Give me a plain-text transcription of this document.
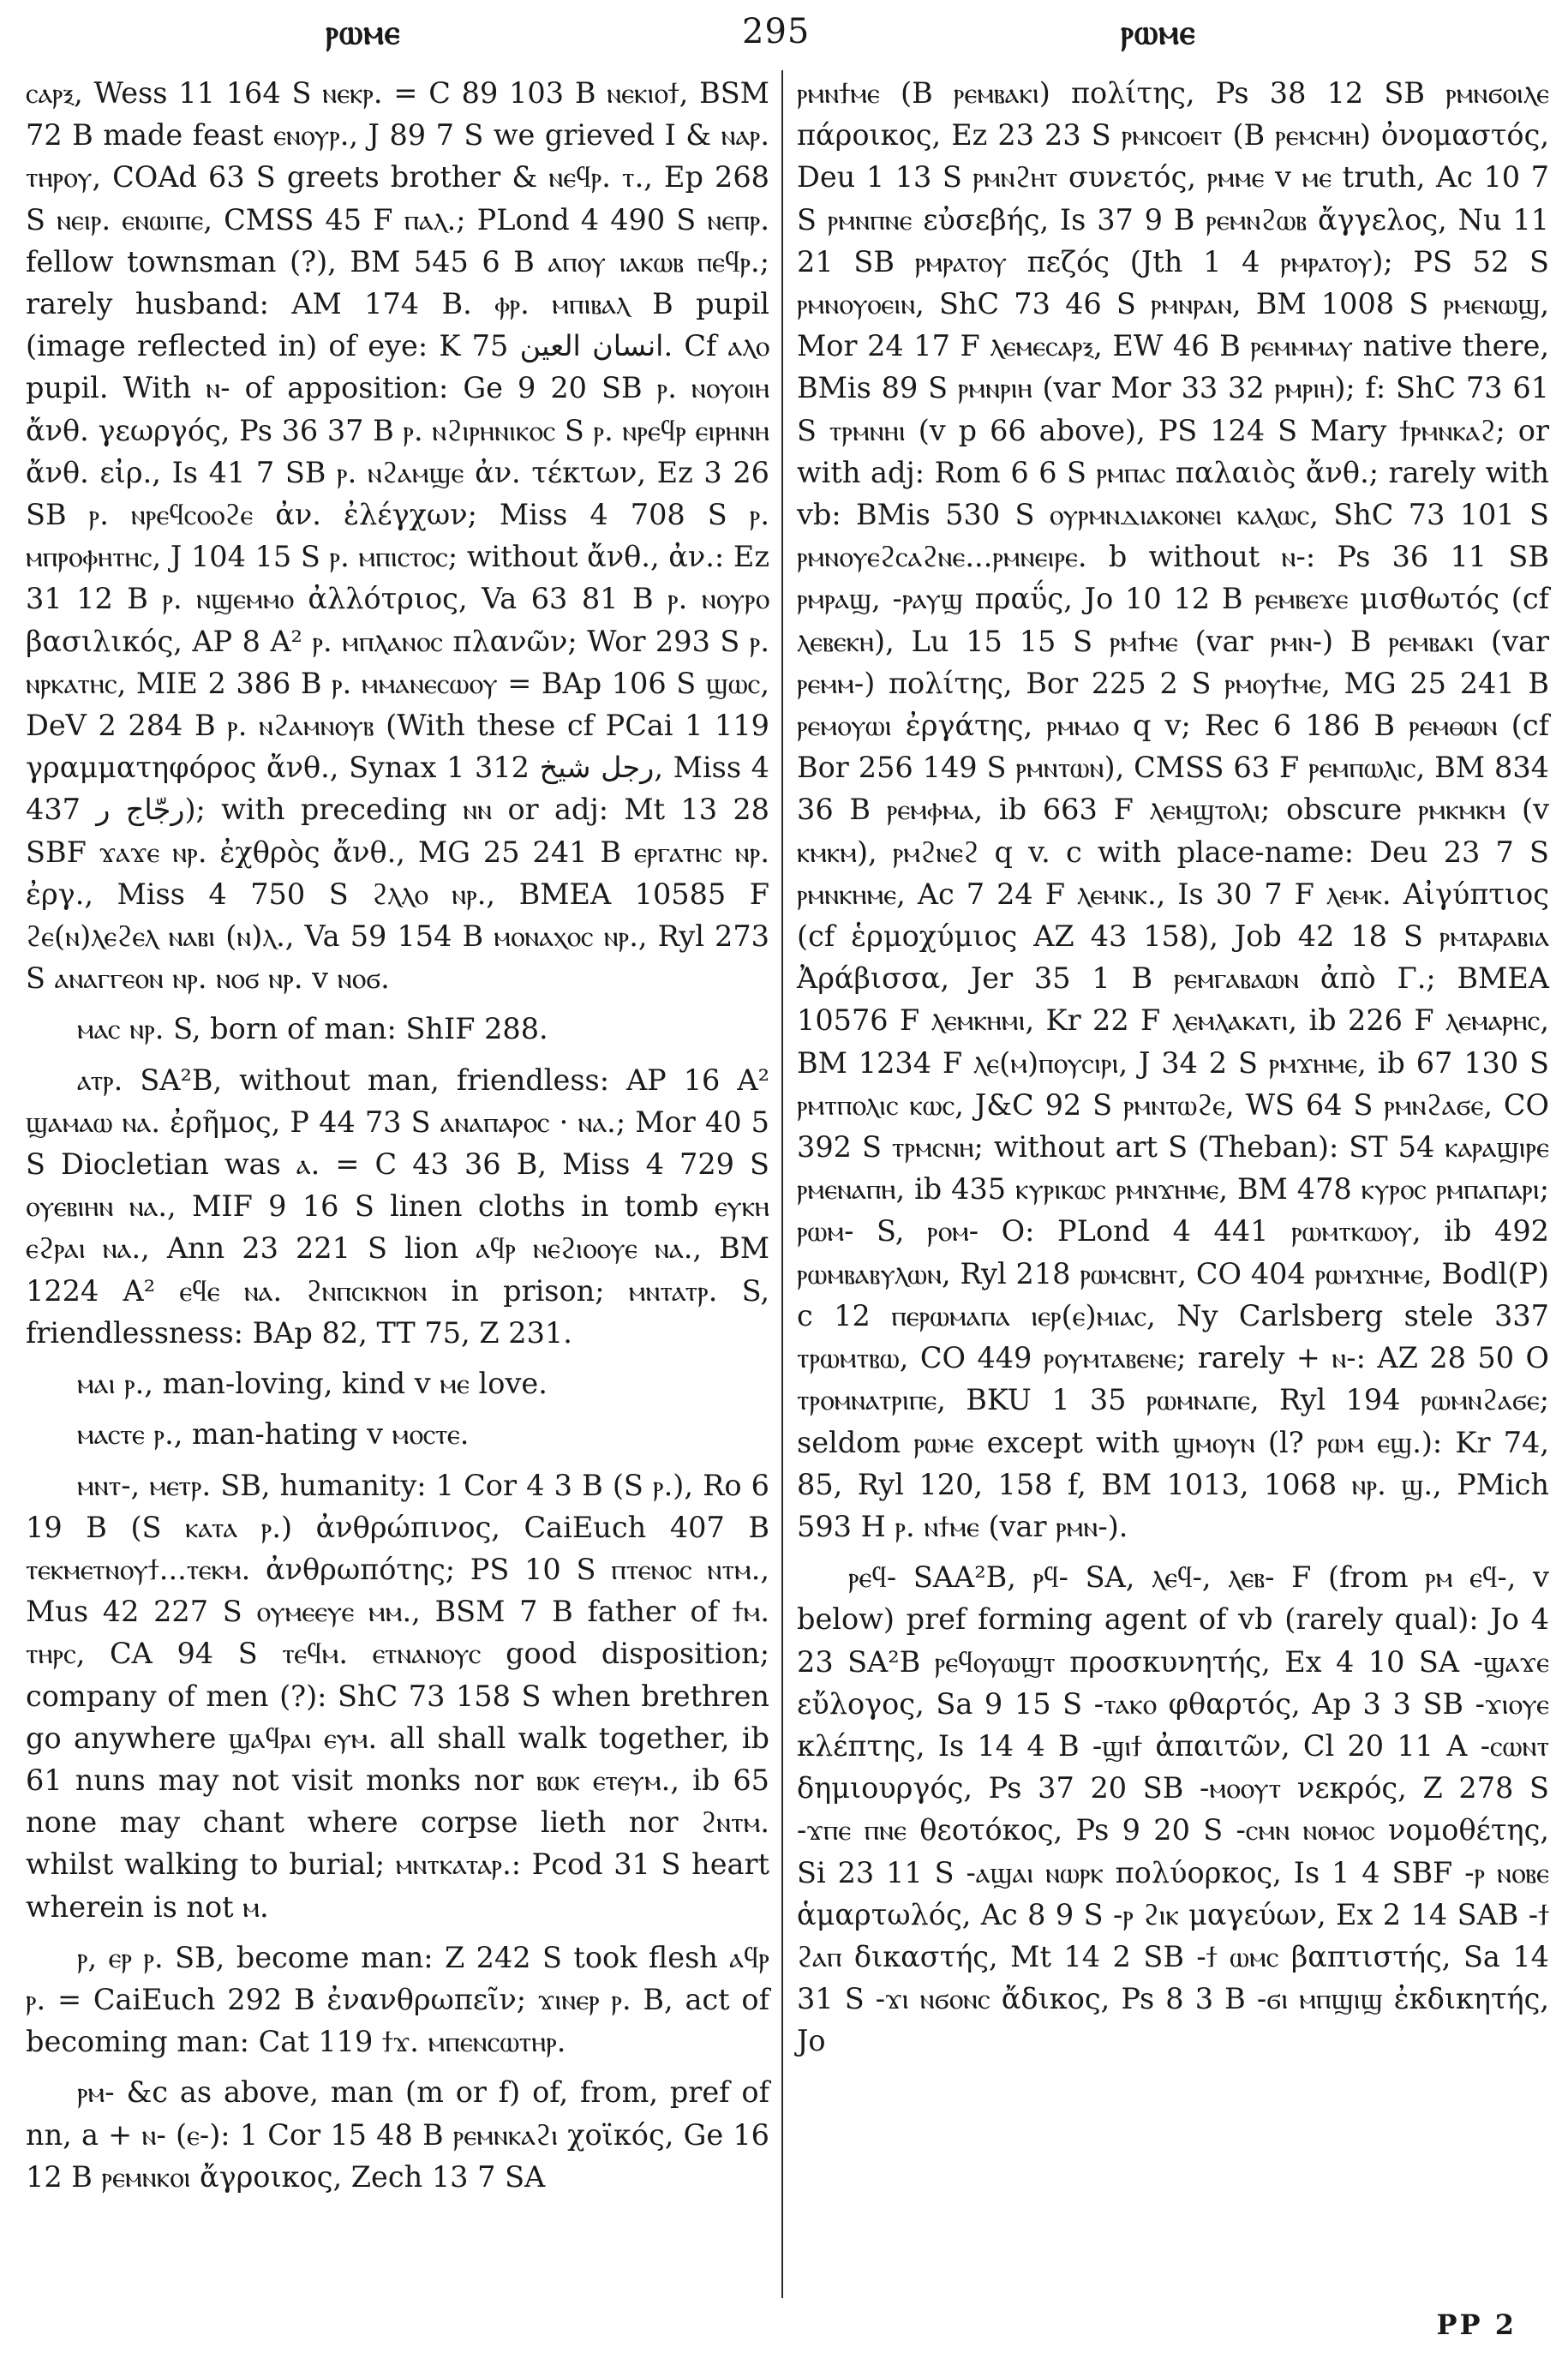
ⲣⲱⲙⲉ	295	ⲣⲱⲙⲉ

ⲥⲁⲣⲝ, Wess 11 164 S ⲛⲉⲕⲣ. = C 89 103 B ⲛⲉⲕⲓⲟϯ, BSM 72 B made feast ⲉⲛⲟⲩⲣ., J 89 7 S we grieved I & ⲛⲁⲣ. ⲧⲏⲣⲟⲩ, COAd 63 S greets brother & ⲛⲉϥⲣ. ⲧ., Ep 268 S ⲛⲉⲓⲣ. ⲉⲛⲱⲓⲡⲉ, CMSS 45 F ⲡⲁⲗ.; PLond 4 490 S ⲛⲉⲡⲣ. fellow townsman (?), BM 545 6 B ⲁⲡⲟⲩ ⲓⲁⲕⲱⲃ ⲡⲉϥⲣ.; rarely husband: AM 174 B. ⲫⲣ. ⲙⲡⲓⲃⲁⲗ B pupil (image reflected in) of eye: K 75 انسان العين. Cf ⲁⲗⲟ pupil. With ⲛ- of apposition: Ge 9 20 SB ⲣ. ⲛⲟⲩⲟⲓⲏ ἄνθ. γεωργός, Ps 36 37 B ⲣ. ⲛϩⲓⲣⲏⲛⲓⲕⲟⲥ S ⲣ. ⲛⲣⲉϥⲣ ⲉⲓⲣⲏⲛⲏ ἄνθ. εἰρ., Is 41 7 SB ⲣ. ⲛϩⲁⲙϣⲉ ἀν. τέκτων, Ez 3 26 SB ⲣ. ⲛⲣⲉϥⲥⲟⲟϩⲉ ἀν. ἐλέγχων; Miss 4 708 S ⲣ. ⲙⲡⲣⲟⲫⲏⲧⲏⲥ, J 104 15 S ⲣ. ⲙⲡⲓⲥⲧⲟⲥ; without ἄνθ., ἀν.: Ez 31 12 B ⲣ. ⲛϣⲉⲙⲙⲟ ἀλλότριος, Va 63 81 B ⲣ. ⲛⲟⲩⲣⲟ βασιλικός, AP 8 A² ⲣ. ⲙⲡⲗⲁⲛⲟⲥ πλανῶν; Wor 293 S ⲣ. ⲛⲣⲕⲁⲧⲏⲥ, MIE 2 386 B ⲣ. ⲙⲙⲁⲛⲉⲥⲱⲟⲩ = BAp 106 S ϣⲱⲥ, DeV 2 284 B ⲣ. ⲛϩⲁⲙⲛⲟⲩⲃ (With these cf PCai 1 119 γραμματηφόρος ἄνθ., Synax 1 312 رجل شيخ, Miss 4 437 رجّاج ر); with preceding ⲛⲛ or adj: Mt 13 28 SBF ϫⲁϫⲉ ⲛⲣ. ἐχθρὸς ἄνθ., MG 25 241 B ⲉⲣⲅⲁⲧⲏⲥ ⲛⲣ. ἐργ., Miss 4 750 S ϩⲗⲗⲟ ⲛⲣ., BMEA 10585 F ϩⲉ(ⲛ)ⲗⲉϩⲉⲗ ⲛⲁⲃⲓ (ⲛ)ⲗ., Va 59 154 B ⲙⲟⲛⲁⲭⲟⲥ ⲛⲣ., Ryl 273 S ⲁⲛⲁⲅⲅⲉⲟⲛ ⲛⲣ. ⲛⲟϭ ⲛⲣ. v ⲛⲟϭ.

ⲙⲁⲥ ⲛⲣ. S, born of man: ShIF 288.

ⲁⲧⲣ. SA²B, without man, friendless: AP 16 A² ϣⲁⲙⲁⲱ ⲛⲁ. ἐρῆμος, P 44 73 S ⲁⲛⲁⲡⲁⲣⲟⲥ · ⲛⲁ.; Mor 40 5 S Diocletian was ⲁ. = C 43 36 B, Miss 4 729 S ⲟⲩⲉⲃⲓⲏⲛ ⲛⲁ., MIF 9 16 S linen cloths in tomb ⲉⲩⲕⲏ ⲉϩⲣⲁⲓ ⲛⲁ., Ann 23 221 S lion ⲁϥⲣ ⲛⲉϩⲓⲟⲟⲩⲉ ⲛⲁ., BM 1224 A² ⲉϥⲉ ⲛⲁ. ϩⲛⲡⲥⲓⲕⲛⲟⲛ in prison; ⲙⲛⲧⲁⲧⲣ. S, friendlessness: BAp 82, TT 75, Z 231.

ⲙⲁⲓ ⲣ., man-loving, kind v ⲙⲉ love.

ⲙⲁⲥⲧⲉ ⲣ., man-hating v ⲙⲟⲥⲧⲉ.

ⲙⲛⲧ-, ⲙⲉⲧⲣ. SB, humanity: 1 Cor 4 3 B (S ⲣ.), Ro 6 19 B (S ⲕⲁⲧⲁ ⲣ.) ἀνθρώπινος, CaiEuch 407 B ⲧⲉⲕⲙⲉⲧⲛⲟⲩϯ...ⲧⲉⲕⲙ. ἀνθρωπότης; PS 10 S ⲡⲧⲉⲛⲟⲥ ⲛⲧⲙ., Mus 42 227 S ⲟⲩⲙⲉⲉⲩⲉ ⲙⲙ., BSM 7 B father of ϯⲙ. ⲧⲏⲣⲥ, CA 94 S ⲧⲉϥⲙ. ⲉⲧⲛⲁⲛⲟⲩⲥ good disposition; company of men (?): ShC 73 158 S when brethren go anywhere ϣⲁϥⲣⲁⲓ ⲉⲩⲙ. all shall walk together, ib 61 nuns may not visit monks nor ⲃⲱⲕ ⲉⲧⲉⲩⲙ., ib 65 none may chant where corpse lieth nor ϩⲛⲧⲙ. whilst walking to burial; ⲙⲛⲧⲕⲁⲧⲁⲣ.: Pcod 31 S heart wherein is not ⲙ.

ⲣ, ⲉⲣ ⲣ. SB, become man: Z 242 S took flesh ⲁϥⲣ ⲣ. = CaiEuch 292 B ἐνανθρωπεῖν; ϫⲓⲛⲉⲣ ⲣ. B, act of becoming man: Cat 119 ϯϫ. ⲙⲡⲉⲛⲥⲱⲧⲏⲣ.

ⲣⲙ- &c as above, man (m or f) of, from, pref of nn, a + ⲛ- (ⲉ-): 1 Cor 15 48 B ⲣⲉⲙⲛⲕⲁϩⲓ χοϊκός, Ge 16 12 B ⲣⲉⲙⲛⲕⲟⲓ ἄγροικος, Zech 13 7 SA

ⲣⲙⲛϯⲙⲉ (B ⲣⲉⲙⲃⲁⲕⲓ) πολίτης, Ps 38 12 SB ⲣⲙⲛϭⲟⲓⲗⲉ πάροικος, Ez 23 23 S ⲣⲙⲛⲥⲟⲉⲓⲧ (B ⲣⲉⲙⲥⲙⲏ) ὀνομαστός, Deu 1 13 S ⲣⲙⲛϩⲏⲧ συνετός, ⲣⲙⲙⲉ v ⲙⲉ truth, Ac 10 7 S ⲣⲙⲛⲡⲛⲉ εὐσεβής, Is 37 9 B ⲣⲉⲙⲛϩⲱⲃ ἄγγελος, Nu 11 21 SB ⲣⲙⲣⲁⲧⲟⲩ πεζός (Jth 1 4 ⲣⲙⲣⲁⲧⲟⲩ); PS 52 S ⲣⲙⲛⲟⲩⲟⲉⲓⲛ, ShC 73 46 S ⲣⲙⲛⲣⲁⲛ, BM 1008 S ⲣⲙⲉⲛⲱϣ, Mor 24 17 F ⲗⲉⲙⲉⲥⲁⲣⲝ, EW 46 B ⲣⲉⲙⲙⲙⲁⲩ native there, BMis 89 S ⲣⲙⲛⲣⲓⲏ (var Mor 33 32 ⲣⲙⲣⲓⲏ); f: ShC 73 61 S ⲧⲣⲙⲛⲏⲓ (v p 66 above), PS 124 S Mary ϯⲣⲙⲛⲕⲁϩ; or with adj: Rom 6 6 S ⲣⲙⲡⲁⲥ παλαιὸς ἄνθ.; rarely with vb: BMis 530 S ⲟⲩⲣⲙⲛⲇⲓⲁⲕⲟⲛⲉⲓ ⲕⲁⲗⲱⲥ, ShC 73 101 S ⲣⲙⲛⲟⲩⲉϩⲥⲁϩⲛⲉ...ⲣⲙⲛⲉⲓⲣⲉ. b without ⲛ-: Ps 36 11 SB ⲣⲙⲣⲁϣ, -ⲣⲁⲩϣ πραΰς, Jo 10 12 B ⲣⲉⲙⲃⲉϫⲉ μισθωτός (cf ⲗⲉⲃⲉⲕⲏ), Lu 15 15 S ⲣⲙϯⲙⲉ (var ⲣⲙⲛ-) B ⲣⲉⲙⲃⲁⲕⲓ (var ⲣⲉⲙⲙ-) πολίτης, Bor 225 2 S ⲣⲙⲟⲩϯⲙⲉ, MG 25 241 B ⲣⲉⲙⲟⲩⲱⲓ ἐργάτης, ⲣⲙⲙⲁⲟ q v; Rec 6 186 B ⲣⲉⲙⲑⲱⲛ (cf Bor 256 149 S ⲣⲙⲛⲧⲱⲛ), CMSS 63 F ⲣⲉⲙⲡⲱⲗⲓⲥ, BM 834 36 B ⲣⲉⲙⲫⲙⲁ, ib 663 F ⲗⲉⲙϣⲧⲟⲗⲓ; obscure ⲣⲙⲕⲙⲕⲙ (v ⲕⲙⲕⲙ), ⲣⲙϩⲛⲉϩ q v. c with place-name: Deu 23 7 S ⲣⲙⲛⲕⲏⲙⲉ, Ac 7 24 F ⲗⲉⲙⲛⲕ., Is 30 7 F ⲗⲉⲙⲕ. Αἰγύπτιος (cf ἑρμοχύμιος AZ 43 158), Job 42 18 S ⲣⲙⲧⲁⲣⲁⲃⲓⲁ Ἀράβισσα, Jer 35 1 B ⲣⲉⲙⲅⲁⲃⲁⲱⲛ ἀπὸ Γ.; BMEA 10576 F ⲗⲉⲙⲕⲏⲙⲓ, Kr 22 F ⲗⲉⲙⲗⲁⲕⲁⲧⲓ, ib 226 F ⲗⲉⲙⲁⲣⲏⲥ, BM 1234 F ⲗⲉ(ⲙ)ⲡⲟⲩⲥⲓⲣⲓ, J 34 2 S ⲣⲙϫⲏⲙⲉ, ib 67 130 S ⲣⲙⲧⲡⲟⲗⲓⲥ ⲕⲱⲥ, J&C 92 S ⲣⲙⲛⲧⲱϩⲉ, WS 64 S ⲣⲙⲛϩⲁϭⲉ, CO 392 S ⲧⲣⲙⲥⲛⲏ; without art S (Theban): ST 54 ⲕⲁⲣⲁϣⲓⲣⲉ ⲣⲙⲉⲛⲁⲡⲏ, ib 435 ⲕⲩⲣⲓⲕⲱⲥ ⲣⲙⲛϫⲏⲙⲉ, BM 478 ⲕⲩⲣⲟⲥ ⲣⲙⲡⲁⲡⲁⲣⲓ; ⲣⲱⲙ- S, ⲣⲟⲙ- O: PLond 4 441 ⲣⲱⲙⲧⲕⲱⲟⲩ, ib 492 ⲣⲱⲙⲃⲁⲃⲩⲗⲱⲛ, Ryl 218 ⲣⲱⲙⲥⲃⲏⲧ, CO 404 ⲣⲱⲙϫⲏⲙⲉ, Bodl(P) c 12 ⲡⲉⲣⲱⲙⲁⲡⲁ ⲓⲉⲣ(ⲉ)ⲙⲓⲁⲥ, Ny Carlsberg stele 337 ⲧⲣⲱⲙⲧⲃⲱ, CO 449 ⲣⲟⲩⲙⲧⲁⲃⲉⲛⲉ; rarely + ⲛ-: AZ 28 50 O ⲧⲣⲟⲙⲛⲁⲧⲣⲓⲡⲉ, BKU 1 35 ⲣⲱⲙⲛⲁⲡⲉ, Ryl 194 ⲣⲱⲙⲛϩⲁϭⲉ; seldom ⲣⲱⲙⲉ except with ϣⲙⲟⲩⲛ (l? ⲣⲱⲙ ⲉϣ.): Kr 74, 85, Ryl 120, 158 f, BM 1013, 1068 ⲛⲣ. ϣ., PMich 593 H ⲣ. ⲛϯⲙⲉ (var ⲣⲙⲛ-).

ⲣⲉϥ- SAA²B, ⲣϥ- SA, ⲗⲉϥ-, ⲗⲉⲃ- F (from ⲣⲙ ⲉϥ-, v below) pref forming agent of vb (rarely qual): Jo 4 23 SA²B ⲣⲉϥⲟⲩⲱϣⲧ προσκυνητής, Ex 4 10 SA -ϣⲁϫⲉ εὔλογος, Sa 9 15 S -ⲧⲁⲕⲟ φθαρτός, Ap 3 3 SB -ϫⲓⲟⲩⲉ κλέπτης, Is 14 4 B -ϣⲓϯ ἀπαιτῶν, Cl 20 11 A -ⲥⲱⲛⲧ δημιουργός, Ps 37 20 SB -ⲙⲟⲟⲩⲧ νεκρός, Z 278 S -ϫⲡⲉ ⲡⲛⲉ θεοτόκος, Ps 9 20 S -ⲥⲙⲛ ⲛⲟⲙⲟⲥ νομοθέτης, Si 23 11 S -ⲁϣⲁⲓ ⲛⲱⲣⲕ πολύορκος, Is 1 4 SBF -ⲣ ⲛⲟⲃⲉ ἁμαρτωλός, Ac 8 9 S -ⲣ ϩⲓⲕ μαγεύων, Ex 2 14 SAB -ϯ ϩⲁⲡ δικαστής, Mt 14 2 SB -ϯ ⲱⲙⲥ βαπτιστής, Sa 14 31 S -ϫⲓ ⲛϭⲟⲛⲥ ἄδικος, Ps 8 3 B -ϭⲓ ⲙⲡϣⲓϣ ἐκδικητής, Jo

PP 2
